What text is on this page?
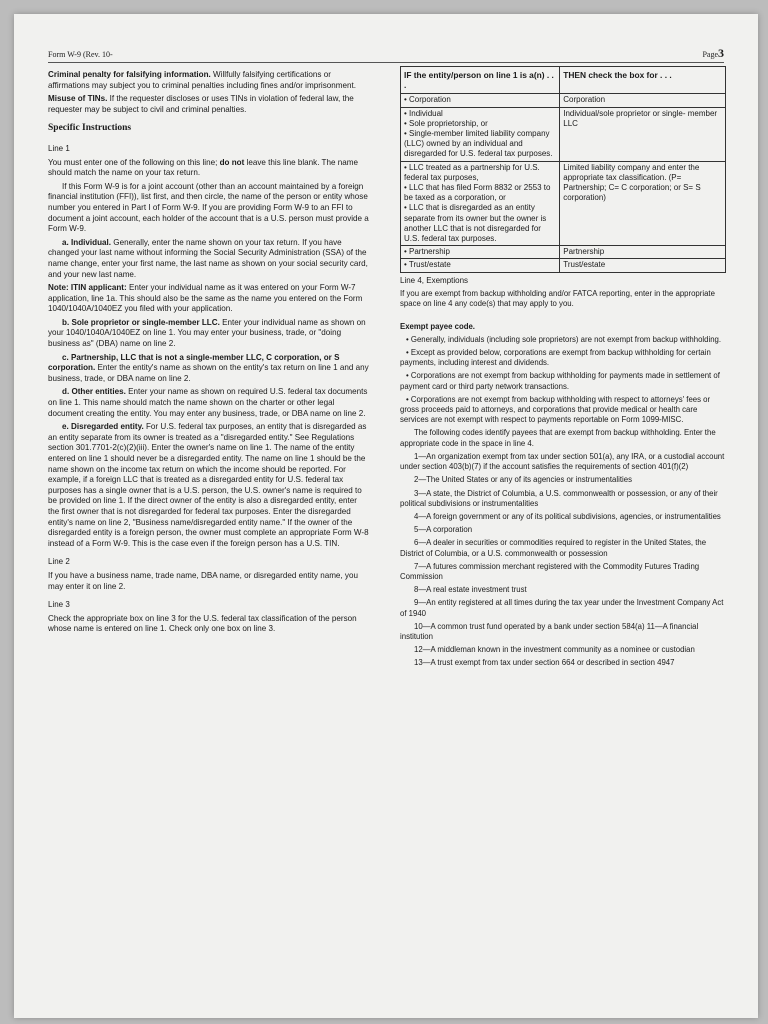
Form W-9 (Rev. 10-	Page3

Criminal penalty for falsifying information. Willfully falsifying certifications or affirmations may subject you to criminal penalties including fines and/or imprisonment.

Misuse of TINs. If the requester discloses or uses TINs in violation of federal law, the requester may be subject to civil and criminal penalties.

Specific Instructions
Line 1

You must enter one of the following on this line; do not leave this line blank. The name should match the name on your tax return.

If this Form W-9 is for a joint account (other than an account maintained by a foreign financial institution (FFI)), list first, and then circle, the name of the person or entity whose number you entered in Part I of Form W-9. If you are providing Form W-9 to an FFI to document a joint account, each holder of the account that is a U.S. person must provide a Form W-9.

a. Individual. Generally, enter the name shown on your tax return. If you have changed your last name without informing the Social Security Administration (SSA) of the name change, enter your first name, the last name as shown on your social security card, and your new last name.

Note: ITIN applicant: Enter your individual name as it was entered on your Form W-7 application, line 1a. This should also be the same as the name you entered on the Form 1040/1040A/1040EZ you filed with your application.

b. Sole proprietor or single-member LLC. Enter your individual name as shown on your 1040/1040A/1040EZ on line 1. You may enter your business, trade, or "doing business as" (DBA) name on line 2.

c. Partnership, LLC that is not a single-member LLC, C corporation, or S corporation. Enter the entity's name as shown on the entity's tax return on line 1 and any business, trade, or DBA name on line 2.

d. Other entities. Enter your name as shown on required U.S. federal tax documents on line 1. This name should match the name shown on the charter or other legal document creating the entity. You may enter any business, trade, or DBA name on line 2.

e. Disregarded entity. For U.S. federal tax purposes, an entity that is disregarded as an entity separate from its owner is treated as a "disregarded entity." See Regulations section 301.7701-2(c)(2)(iii). Enter the owner's name on line 1. The name of the entity entered on line 1 should never be a disregarded entity. The name on line 1 should be the name shown on the income tax return on which the income should be reported. For example, if a foreign LLC that is treated as a disregarded entity for U.S. federal tax purposes has a single owner that is a U.S. person, the U.S. owner's name is required to be provided on line 1. If the direct owner of the entity is also a disregarded entity, enter the first owner that is not disregarded for federal tax purposes. Enter the disregarded entity's name on line 2, "Business name/disregarded entity name." If the owner of the disregarded entity is a foreign person, the owner must complete an appropriate Form W-8 instead of a Form W-9. This is the case even if the foreign person has a U.S. TIN.

Line 2

If you have a business name, trade name, DBA name, or disregarded entity name, you may enter it on line 2.

Line 3

Check the appropriate box on line 3 for the U.S. federal tax classification of the person whose name is entered on line 1. Check only one box on line 3.

IF the entity/person on line 1 is a(n) . . .	THEN check the box for . . .
• Corporation	Corporation

• Individual
• Sole proprietorship, or
• Single-member limited liability company (LLC) owned by an individual and disregarded for U.S. federal tax purposes.	Individual/sole proprietor or single- member LLC

• LLC treated as a partnership for U.S. federal tax purposes,
• LLC that has filed Form 8832 or 2553 to be taxed as a corporation, or
• LLC that is disregarded as an entity separate from its owner but the owner is another LLC that is not disregarded for U.S. federal tax purposes.	Limited liability company and enter the appropriate tax classification. (P= Partnership; C= C corporation; or S= S corporation)
• Partnership	Partnership
• Trust/estate	Trust/estate
Line 4, Exemptions

If you are exempt from backup withholding and/or FATCA reporting, enter in the appropriate space on line 4 any code(s) that may apply to you.

Exempt payee code.

• Generally, individuals (including sole proprietors) are not exempt from backup withholding.

• Except as provided below, corporations are exempt from backup withholding for certain payments, including interest and dividends.

• Corporations are not exempt from backup withholding for payments made in settlement of payment card or third party network transactions.

• Corporations are not exempt from backup withholding with respect to attorneys' fees or gross proceeds paid to attorneys, and corporations that provide medical or health care services are not exempt with respect to payments reportable on Form 1099-MISC.

The following codes identify payees that are exempt from backup withholding. Enter the appropriate code in the space in line 4.

1—An organization exempt from tax under section 501(a), any IRA, or a custodial account under section 403(b)(7) if the account satisfies the requirements of section 401(f)(2)

2—The United States or any of its agencies or instrumentalities

3—A state, the District of Columbia, a U.S. commonwealth or possession, or any of their political subdivisions or instrumentalities

4—A foreign government or any of its political subdivisions, agencies, or instrumentalities

5—A corporation

6—A dealer in securities or commodities required to register in the United States, the District of Columbia, or a U.S. commonwealth or possession

7—A futures commission merchant registered with the Commodity Futures Trading Commission

8—A real estate investment trust

9—An entity registered at all times during the tax year under the Investment Company Act of 1940

10—A common trust fund operated by a bank under section 584(a) 11—A financial institution

12—A middleman known in the investment community as a nominee or custodian

13—A trust exempt from tax under section 664 or described in section 4947
